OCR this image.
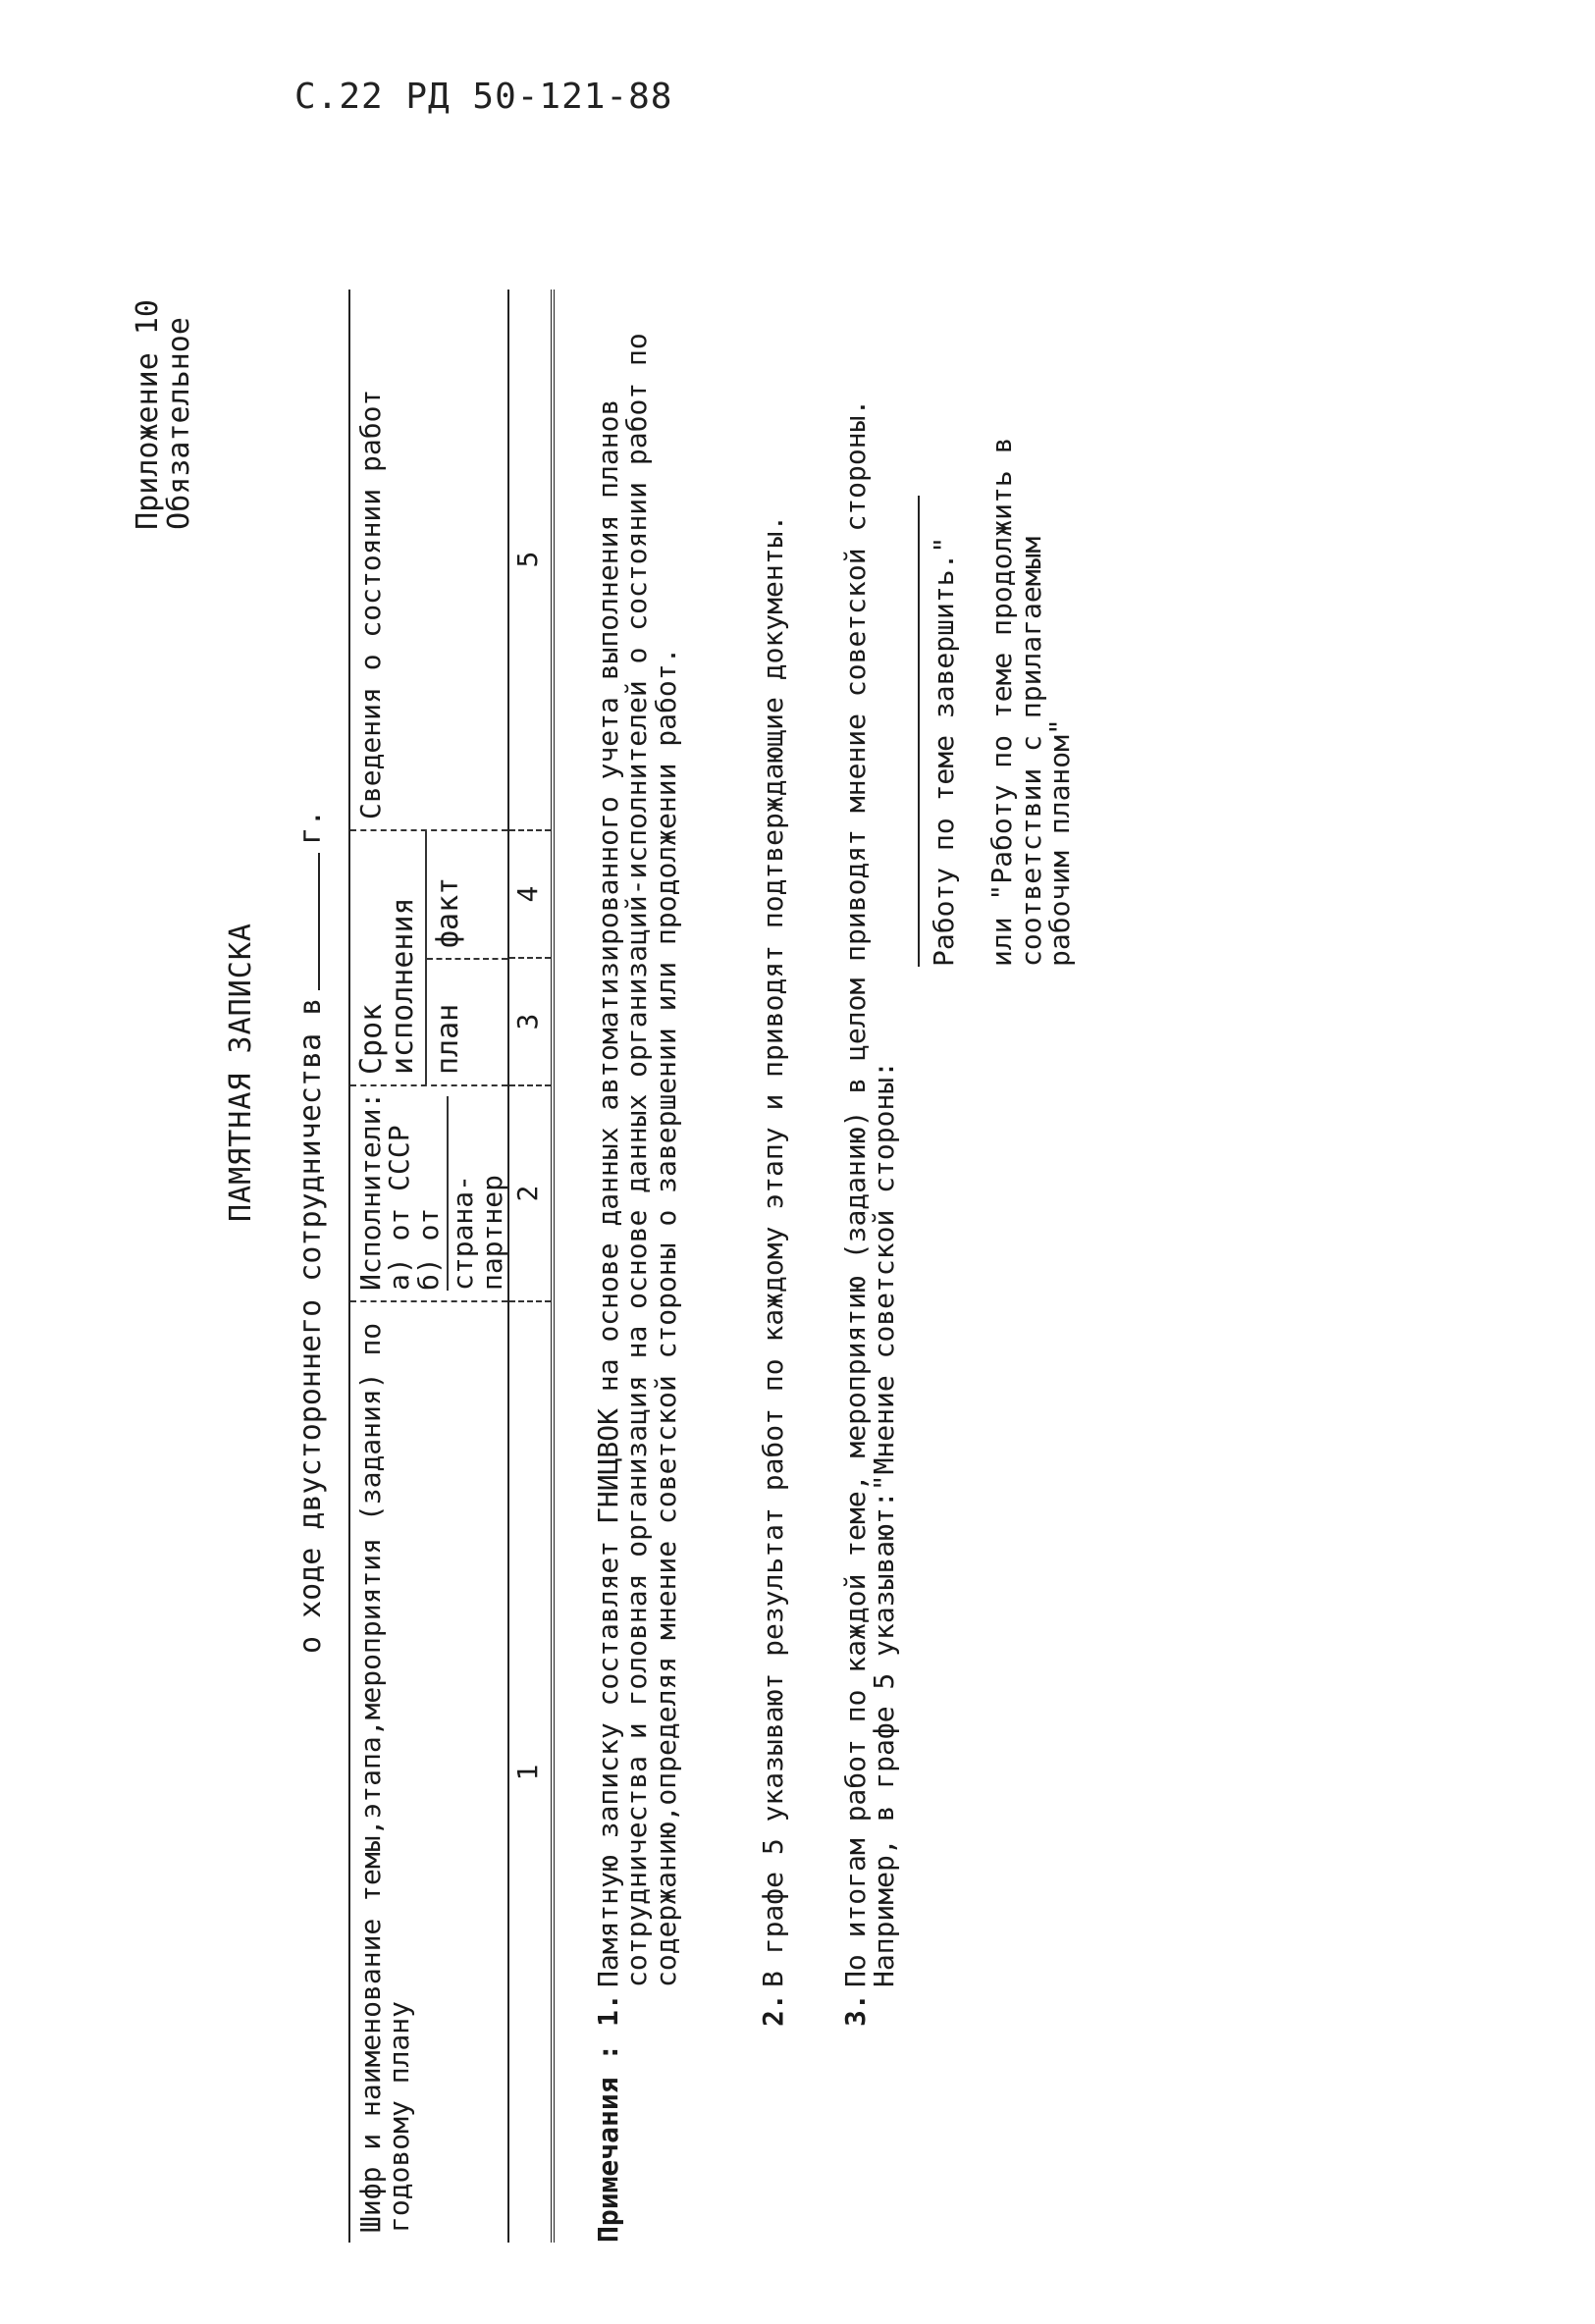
С.22 РД 50-121-88
Приложение 10
Обязательное
ПАМЯТНАЯ ЗАПИСКА о ходе двустороннего сотрудничества вг.
Шифр и наименование темы,этапа,мероприятия (задания) по годовому плану
Исполнители: а) от СССР б) от страна-партнер
Срок исполнения план
факт
Сведения о состоянии работ
1
2
3
4
5
Примечания :
1.
Памятную записку составляет ГНИЦВОК на основе данных автоматизированного учета выполнения планов сотрудничества и головная организация на основе данных организаций-исполнителей о состоянии работ по содержанию,определяя мнение советской стороны о завершении или продолжении работ.
2.
В графе 5 указывают результат работ по каждому этапу и приводят подтверждающие документы.
3.
По итогам работ по каждой теме, мероприятию (заданию) в целом приводят мнение советской стороны. Например, в графе 5 указывают:"Мнение советской стороны:
Работу по теме завершить." или "Работу по теме продолжить в соответствии с прилагаемым рабочим планом"
